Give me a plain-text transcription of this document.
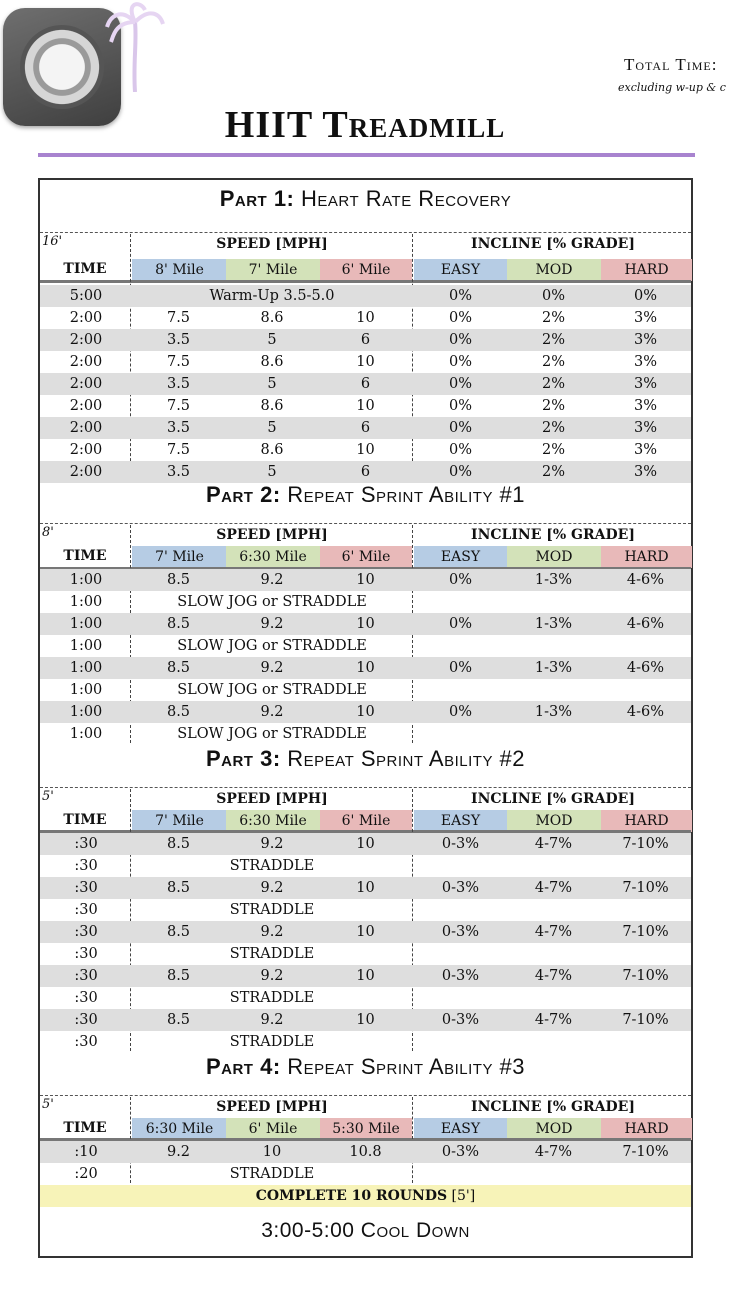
Total Time:
excluding w-up & c
HIIT Treadmill
Part 1: Heart Rate Recovery
16'	SPEED [MPH]	INCLINE [% GRADE]
TIME	8' Mile	7' Mile	6' Mile	EASY	MOD	HARD
5:00	Warm-Up 3.5-5.0	0%	0%	0%
2:00	7.5	8.6	10	0%	2%	3%
2:00	3.5	5	6	0%	2%	3%
2:00	7.5	8.6	10	0%	2%	3%
2:00	3.5	5	6	0%	2%	3%
2:00	7.5	8.6	10	0%	2%	3%
2:00	3.5	5	6	0%	2%	3%
2:00	7.5	8.6	10	0%	2%	3%
2:00	3.5	5	6	0%	2%	3%
Part 2: Repeat Sprint Ability #1
8'	SPEED [MPH]	INCLINE [% GRADE]
TIME	7' Mile	6:30 Mile	6' Mile	EASY	MOD	HARD
1:00	8.5	9.2	10	0%	1-3%	4-6%
1:00	SLOW JOG or STRADDLE
1:00	8.5	9.2	10	0%	1-3%	4-6%
1:00	SLOW JOG or STRADDLE
1:00	8.5	9.2	10	0%	1-3%	4-6%
1:00	SLOW JOG or STRADDLE
1:00	8.5	9.2	10	0%	1-3%	4-6%
1:00	SLOW JOG or STRADDLE
Part 3: Repeat Sprint Ability #2
5'	SPEED [MPH]	INCLINE [% GRADE]
TIME	7' Mile	6:30 Mile	6' Mile	EASY	MOD	HARD
:30	8.5	9.2	10	0-3%	4-7%	7-10%
:30	STRADDLE
:30	8.5	9.2	10	0-3%	4-7%	7-10%
:30	STRADDLE
:30	8.5	9.2	10	0-3%	4-7%	7-10%
:30	STRADDLE
:30	8.5	9.2	10	0-3%	4-7%	7-10%
:30	STRADDLE
:30	8.5	9.2	10	0-3%	4-7%	7-10%
:30	STRADDLE
Part 4: Repeat Sprint Ability #3
5'	SPEED [MPH]	INCLINE [% GRADE]
TIME	6:30 Mile	6' Mile	5:30 Mile	EASY	MOD	HARD
:10	9.2	10	10.8	0-3%	4-7%	7-10%
:20	STRADDLE
COMPLETE 10 ROUNDS [5']
3:00-5:00 Cool Down
